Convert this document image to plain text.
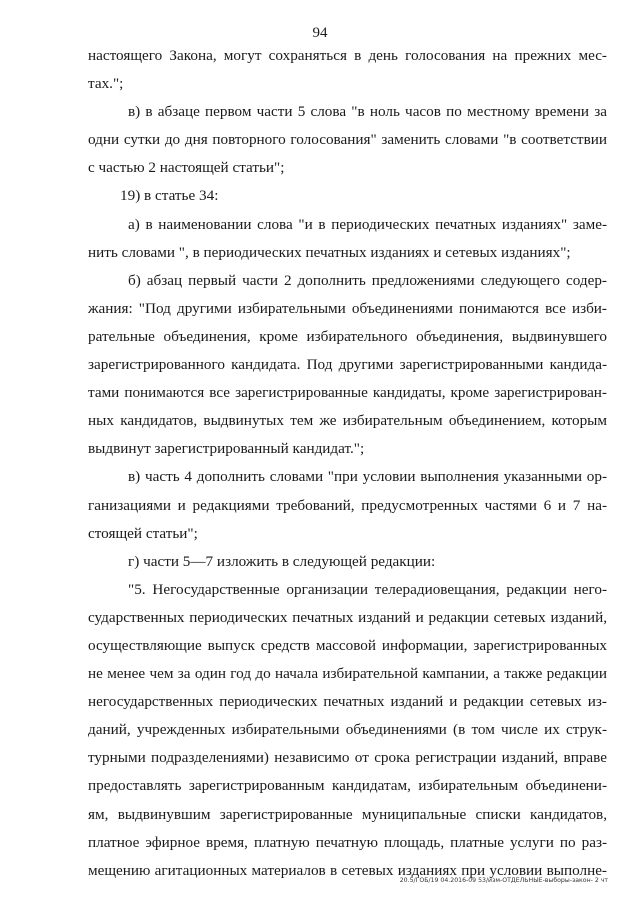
94
настоящего Закона, могут сохраняться в день голосования на прежних мес-
тах.";
в) в абзаце первом части 5 слова "в ноль часов по местному времени за
одни сутки до дня повторного голосования" заменить словами "в соответствии
с частью 2 настоящей статьи";
19) в статье 34:
а) в наименовании слова "и в периодических печатных изданиях" заме-
нить словами ", в периодических печатных изданиях и сетевых изданиях";
б) абзац первый части 2 дополнить предложениями следующего содер-
жания: "Под другими избирательными объединениями понимаются все изби-
рательные объединения, кроме избирательного объединения, выдвинувшего
зарегистрированного кандидата. Под другими зарегистрированными кандида-
тами понимаются все зарегистрированные кандидаты, кроме зарегистрирован-
ных кандидатов, выдвинутых тем же избирательным объединением, которым
выдвинут зарегистрированный кандидат.";
в) часть 4 дополнить словами "при условии выполнения указанными ор-
ганизациями и редакциями требований, предусмотренных частями 6 и 7 на-
стоящей статьи";
г) части 5—7 изложить в следующей редакции:
"5. Негосударственные организации телерадиовещания, редакции него-
сударственных периодических печатных изданий и редакции сетевых изданий,
осуществляющие выпуск средств массовой информации, зарегистрированных
не менее чем за один год до начала избирательной кампании, а также редакции
негосударственных периодических печатных изданий и редакции сетевых из-
даний, учрежденных избирательными объединениями (в том числе их струк-
турными подразделениями) независимо от срока регистрации изданий, вправе
предоставлять зарегистрированным кандидатам, избирательным объединени-
ям, выдвинувшим зарегистрированные муниципальные списки кандидатов,
платное эфирное время, платную печатную площадь, платные услуги по раз-
мещению агитационных материалов в сетевых изданиях при условии выполне-
20.5/ГОБ/19 04.2016-09 53/изм-ОТДЕЛЬНЫЕ-выборы-закон- 2 чт
